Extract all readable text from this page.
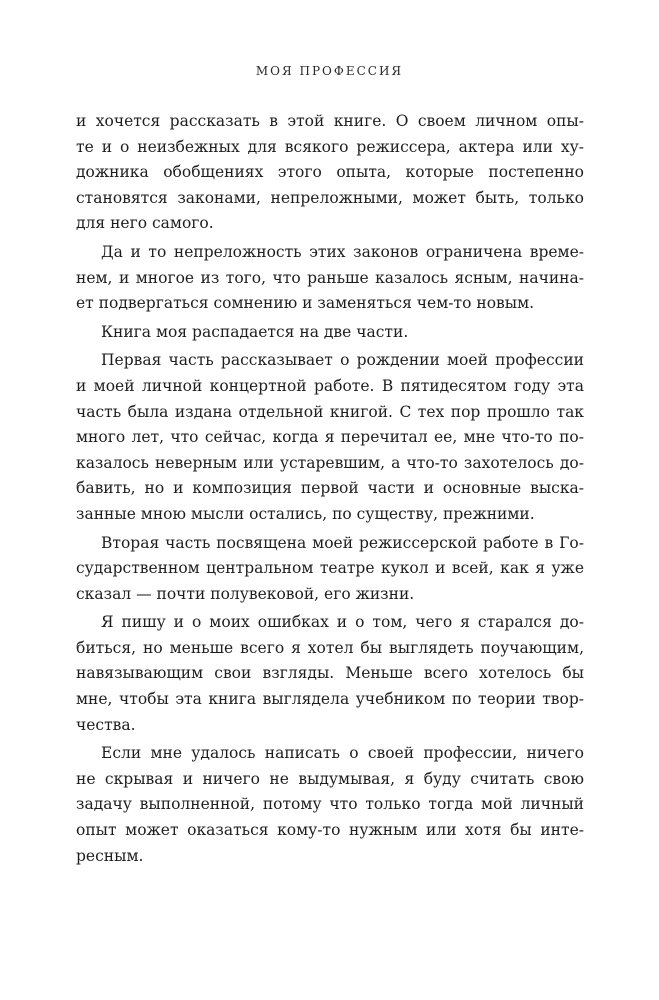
МОЯ ПРОФЕССИЯ
и хочется рассказать в этой книге. О своем личном опы-
те и о неизбежных для всякого режиссера, актера или ху-
дожника обобщениях этого опыта, которые постепенно
становятся законами, непреложными, может быть, только
для него самого.
Да и то непреложность этих законов ограничена време-
нем, и многое из того, что раньше казалось ясным, начина-
ет подвергаться сомнению и заменяться чем-то новым.
Книга моя распадается на две части.
Первая часть рассказывает о рождении моей профессии
и моей личной концертной работе. В пятидесятом году эта
часть была издана отдельной книгой. С тех пор прошло так
много лет, что сейчас, когда я перечитал ее, мне что-то по-
казалось неверным или устаревшим, а что-то захотелось до-
бавить, но и композиция первой части и основные выска-
занные мною мысли остались, по существу, прежними.
Вторая часть посвящена моей режиссерской работе в Го-
сударственном центральном театре кукол и всей, как я уже
сказал — почти полувековой, его жизни.
Я пишу и о моих ошибках и о том, чего я старался до-
биться, но меньше всего я хотел бы выглядеть поучающим,
навязывающим свои взгляды. Меньше всего хотелось бы
мне, чтобы эта книга выглядела учебником по теории твор-
чества.
Если мне удалось написать о своей профессии, ничего
не скрывая и ничего не выдумывая, я буду считать свою
задачу выполненной, потому что только тогда мой личный
опыт может оказаться кому-то нужным или хотя бы инте-
ресным.
